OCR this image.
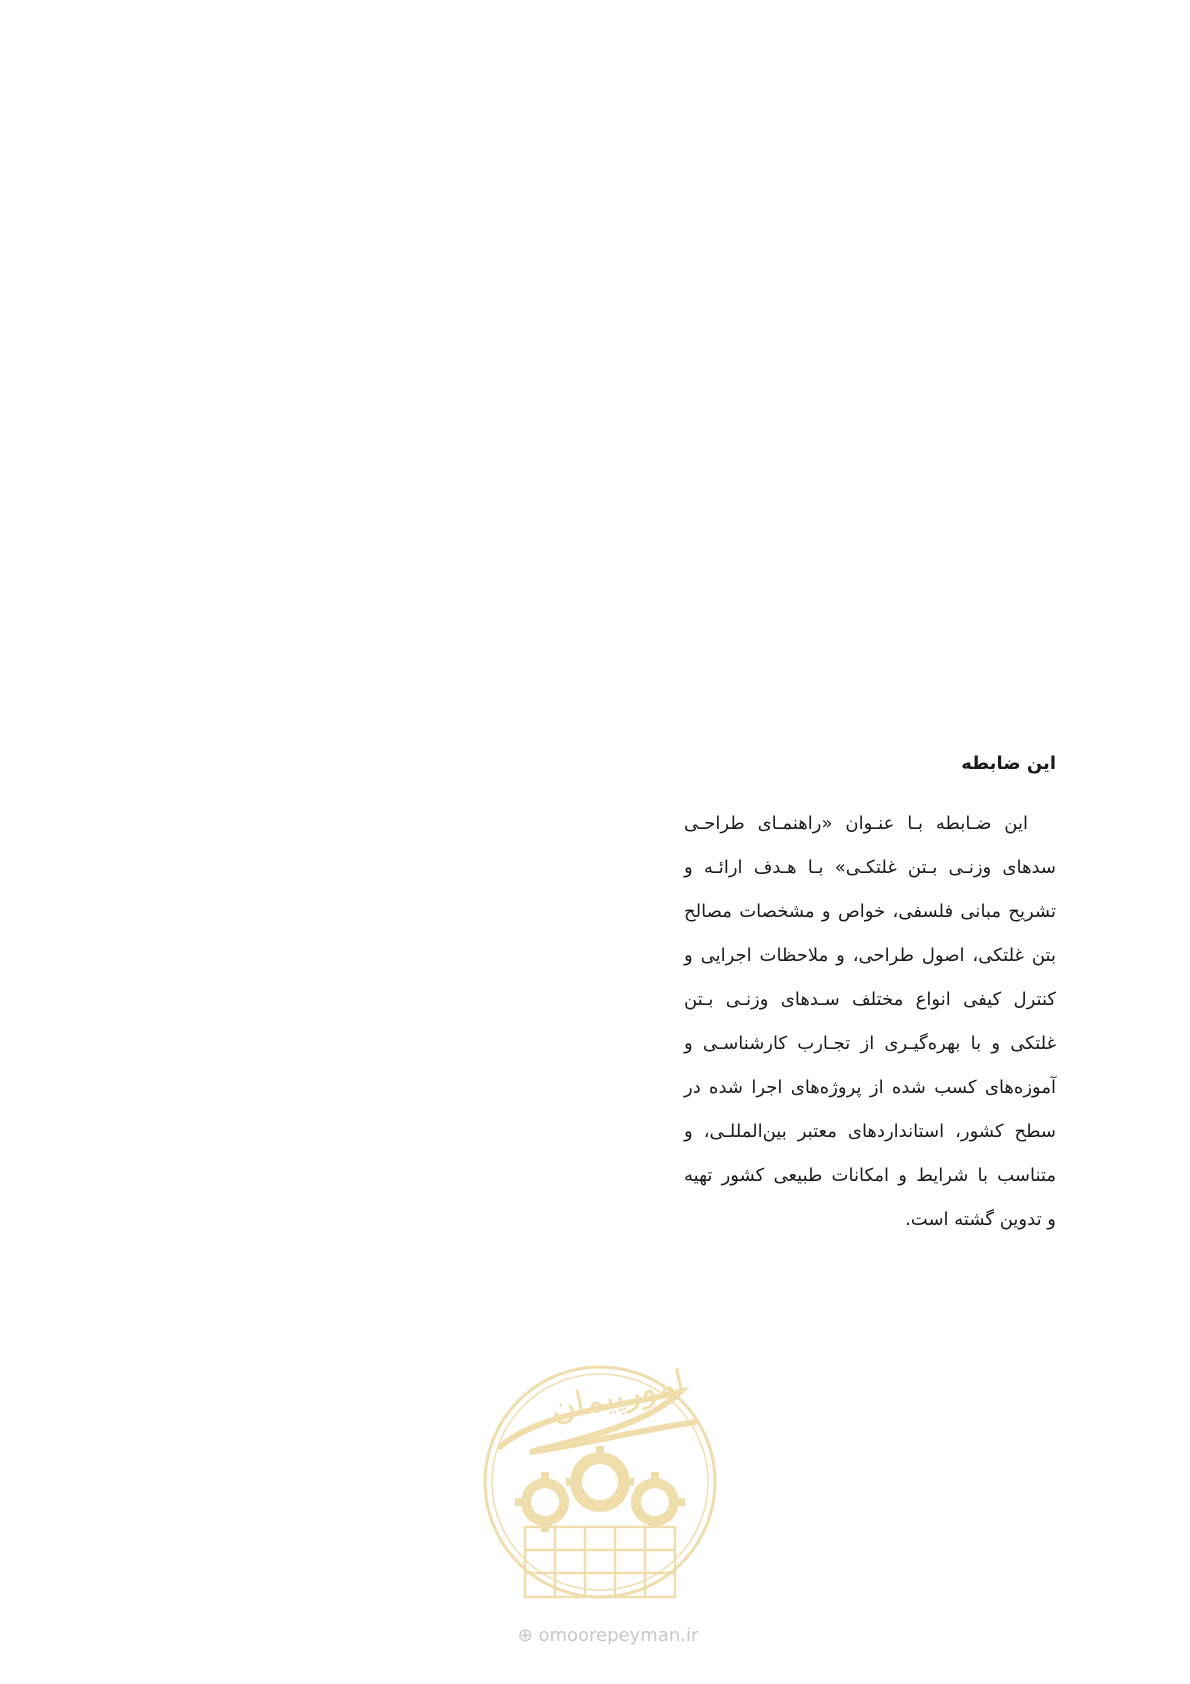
این ضابطه
این ضـابطه بـا عنـوان «راهنمـای طراحـی
سدهای وزنـی بـتن غلتکـی» بـا هـدف ارائـه و
تشریح مبانی فلسفی، خواص و مشخصات مصالح
بتن غلتکی، اصول طراحی، و ملاحظات اجرایی و
کنترل کیفی انواع مختلف سـدهای وزنـی بـتن
غلتکی و با بهره‌گیـری از تجـارب کارشناسـی و
آموزه‌های کسب شده از پروژه‌های اجرا شده در
سطح کشور، استانداردهای معتبر بین‌المللـی، و
متناسب با شرایط و امکانات طبیعی کشور تهیه
و تدوین گشته است.
امورپیمان
⊕ omoorepeyman.ir
